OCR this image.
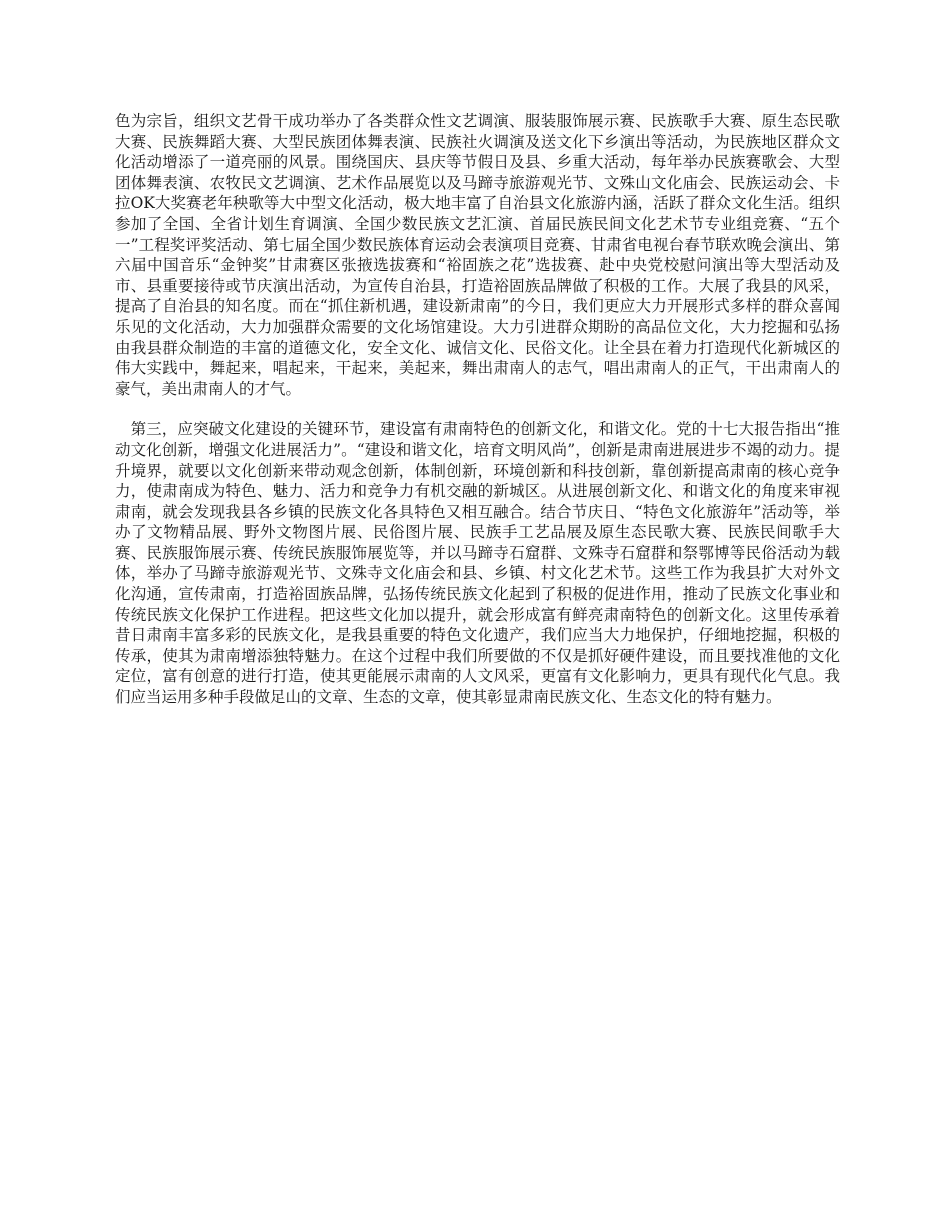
色为宗旨，组织文艺骨干成功举办了各类群众性文艺调演、服装服饰展示赛、民族歌手大赛、原生态民歌大赛、民族舞蹈大赛、大型民族团体舞表演、民族社火调演及送文化下乡演出等活动，为民族地区群众文化活动增添了一道亮丽的风景。围绕国庆、县庆等节假日及县、乡重大活动，每年举办民族赛歌会、大型团体舞表演、农牧民文艺调演、艺术作品展览以及马蹄寺旅游观光节、文殊山文化庙会、民族运动会、卡拉OK大奖赛老年秧歌等大中型文化活动，极大地丰富了自治县文化旅游内涵，活跃了群众文化生活。组织参加了全国、全省计划生育调演、全国少数民族文艺汇演、首届民族民间文化艺术节专业组竞赛、“五个一”工程奖评奖活动、第七届全国少数民族体育运动会表演项目竞赛、甘肃省电视台春节联欢晚会演出、第六届中国音乐“金钟奖”甘肃赛区张掖选拔赛和“裕固族之花”选拔赛、赴中央党校慰问演出等大型活动及市、县重要接待或节庆演出活动，为宣传自治县，打造裕固族品牌做了积极的工作。大展了我县的风采，提高了自治县的知名度。而在“抓住新机遇，建设新肃南”的今日，我们更应大力开展形式多样的群众喜闻乐见的文化活动，大力加强群众需要的文化场馆建设。大力引进群众期盼的高品位文化，大力挖掘和弘扬由我县群众制造的丰富的道德文化，安全文化、诚信文化、民俗文化。让全县在着力打造现代化新城区的伟大实践中，舞起来，唱起来，干起来，美起来，舞出肃南人的志气，唱出肃南人的正气，干出肃南人的豪气，美出肃南人的才气。

　第三，应突破文化建设的关键环节，建设富有肃南特色的创新文化，和谐文化。党的十七大报告指出“推动文化创新，增强文化进展活力”。“建设和谐文化，培育文明风尚”，创新是肃南进展进步不竭的动力。提升境界，就要以文化创新来带动观念创新，体制创新，环境创新和科技创新，靠创新提高肃南的核心竞争力，使肃南成为特色、魅力、活力和竞争力有机交融的新城区。从进展创新文化、和谐文化的角度来审视肃南，就会发现我县各乡镇的民族文化各具特色又相互融合。结合节庆日、“特色文化旅游年”活动等，举办了文物精品展、野外文物图片展、民俗图片展、民族手工艺品展及原生态民歌大赛、民族民间歌手大赛、民族服饰展示赛、传统民族服饰展览等，并以马蹄寺石窟群、文殊寺石窟群和祭鄂博等民俗活动为载体，举办了马蹄寺旅游观光节、文殊寺文化庙会和县、乡镇、村文化艺术节。这些工作为我县扩大对外文化沟通，宣传肃南，打造裕固族品牌，弘扬传统民族文化起到了积极的促进作用，推动了民族文化事业和传统民族文化保护工作进程。把这些文化加以提升，就会形成富有鲜亮肃南特色的创新文化。这里传承着昔日肃南丰富多彩的民族文化，是我县重要的特色文化遗产，我们应当大力地保护，仔细地挖掘，积极的传承，使其为肃南增添独特魅力。在这个过程中我们所要做的不仅是抓好硬件建设，而且要找准他的文化定位，富有创意的进行打造，使其更能展示肃南的人文风采，更富有文化影响力，更具有现代化气息。我们应当运用多种手段做足山的文章、生态的文章，使其彰显肃南民族文化、生态文化的特有魅力。
